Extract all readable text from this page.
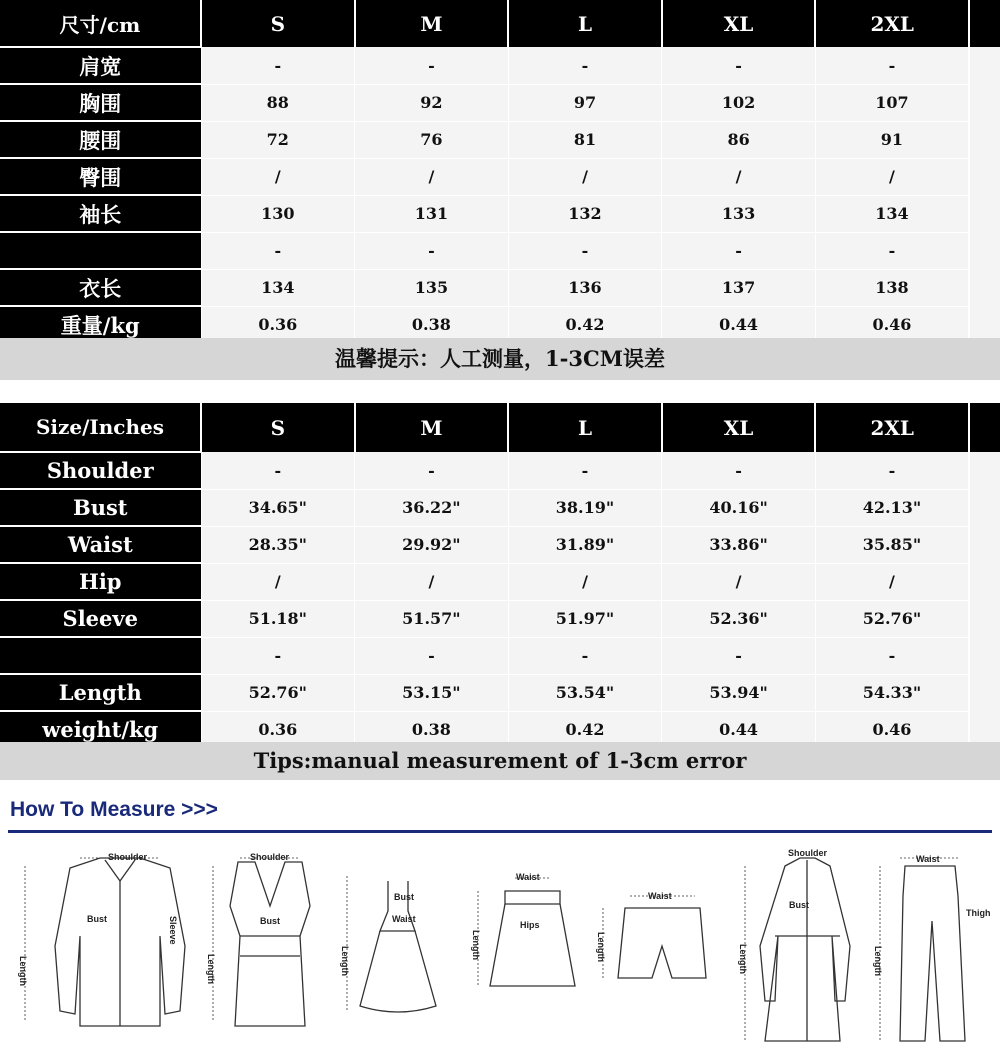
尺寸/cm	S	M	L	XL	2XL	
肩宽	-	-	-	-	-	
胸围	88	92	97	102	107	
腰围	72	76	81	86	91	
臀围	/	/	/	/	/	
袖长	130	131	132	133	134	
	-	-	-	-	-	
衣长	134	135	136	137	138	
重量/kg	0.36	0.38	0.42	0.44	0.46	
温馨提示：人工测量，1-3CM误差
Size/Inches	S	M	L	XL	2XL	
Shoulder	-	-	-	-	-	
Bust	34.65"	36.22"	38.19"	40.16"	42.13"	
Waist	28.35"	29.92"	31.89"	33.86"	35.85"	
Hip	/	/	/	/	/	
Sleeve	51.18"	51.57"	51.97"	52.36"	52.76"	
	-	-	-	-	-	
Length	52.76"	53.15"	53.54"	53.94"	54.33"	
weight/kg	0.36	0.38	0.42	0.44	0.46	
Tips:manual measurement of 1-3cm error
How To Measure >>>
Shoulder	Shoulder	Shoulder
Bust	Bust
Bust
Bust
Sleeve
Length	Length	Length
Length	Length	Length	Length
Waist
Waist
Waist
Waist
Hips
Thigh
